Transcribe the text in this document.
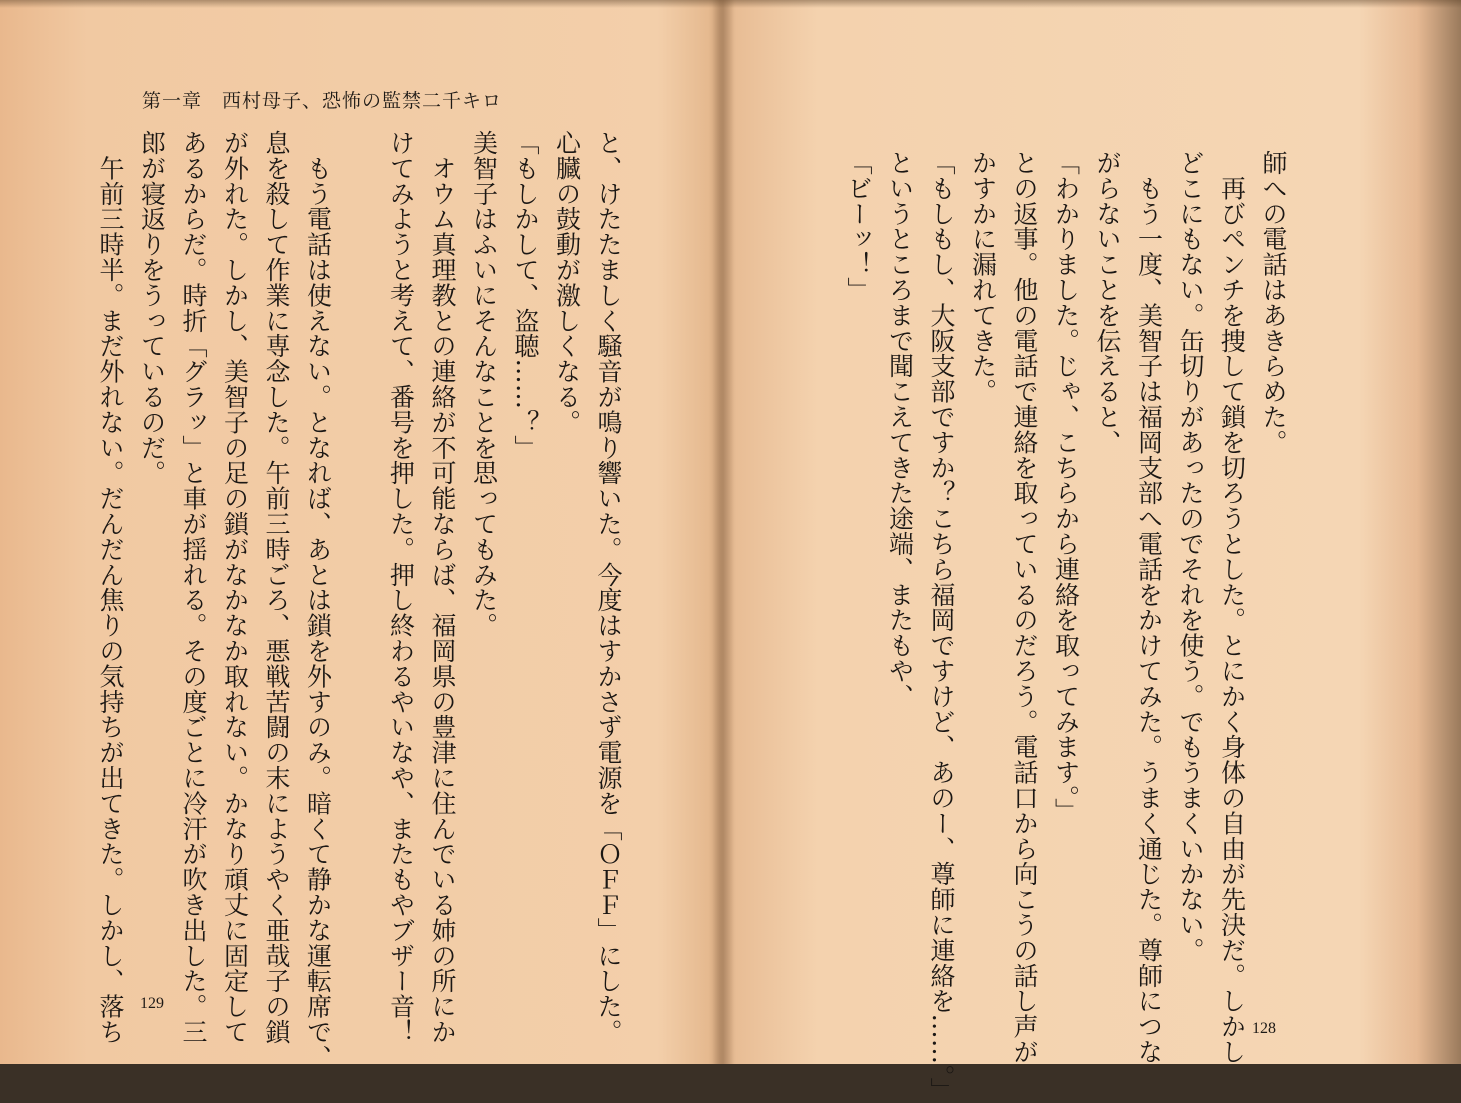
第一章　西村母子、恐怖の監禁二千キロ
と、けたたましく騒音が鳴り響いた。今度はすかさず電源を「ＯＦＦ」にした。
心臓の鼓動が激しくなる。
「もしかして、盗聴……？」
美智子はふいにそんなことを思ってもみた。
　オウム真理教との連絡が不可能ならば、福岡県の豊津に住んでいる姉の所にか
けてみようと考えて、番号を押した。押し終わるやいなや、またもやブザー音！
　もう電話は使えない。となれば、あとは鎖を外すのみ。暗くて静かな運転席で、
息を殺して作業に専念した。午前三時ごろ、悪戦苦闘の末にようやく亜哉子の鎖
が外れた。しかし、美智子の足の鎖がなかなか取れない。かなり頑丈に固定して
あるからだ。時折「グラッ」と車が揺れる。その度ごとに冷汗が吹き出した。三
郎が寝返りをうっているのだ。
　午前三時半。まだ外れない。だんだん焦りの気持ちが出てきた。しかし、落ち	師への電話はあきらめた。
　再びペンチを捜して鎖を切ろうとした。とにかく身体の自由が先決だ。しかし
どこにもない。缶切りがあったのでそれを使う。でもうまくいかない。
　もう一度、美智子は福岡支部へ電話をかけてみた。うまく通じた。尊師につな
がらないことを伝えると、
「わかりました。じゃ、こちらから連絡を取ってみます。」
との返事。他の電話で連絡を取っているのだろう。電話口から向こうの話し声が
かすかに漏れてきた。
「もしもし、大阪支部ですか？こちら福岡ですけど、あのー、尊師に連絡を……。」
というところまで聞こえてきた途端、またもや、
「ビーッ！」
129
128
